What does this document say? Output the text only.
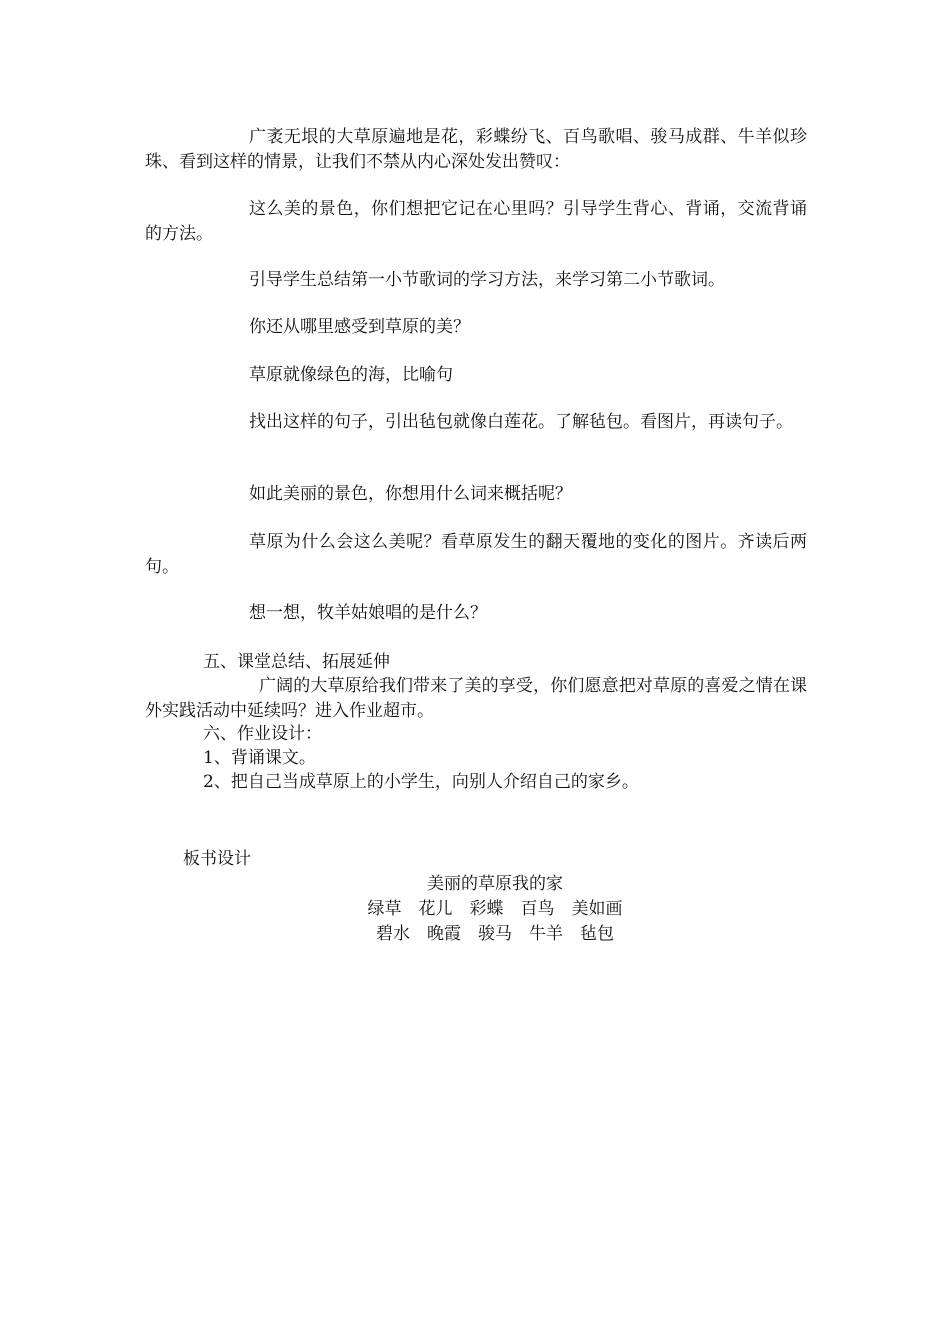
广袤无垠的大草原遍地是花，彩蝶纷飞、百鸟歌唱、骏马成群、牛羊似珍珠、看到这样的情景，让我们不禁从内心深处发出赞叹：

这么美的景色，你们想把它记在心里吗？引导学生背心、背诵，交流背诵的方法。

引导学生总结第一小节歌词的学习方法，来学习第二小节歌词。

你还从哪里感受到草原的美？

草原就像绿色的海，比喻句

找出这样的句子，引出毡包就像白莲花。了解毡包。看图片，再读句子。

如此美丽的景色，你想用什么词来概括呢？

草原为什么会这么美呢？看草原发生的翻天覆地的变化的图片。齐读后两句。

想一想，牧羊姑娘唱的是什么？

五、课堂总结、拓展延伸

广阔的大草原给我们带来了美的享受，你们愿意把对草原的喜爱之情在课外实践活动中延续吗？进入作业超市。

六、作业设计：

1、背诵课文。

2、把自己当成草原上的小学生，向别人介绍自己的家乡。

板书设计

美丽的草原我的家

绿草　花儿　彩蝶　百鸟　美如画

碧水　晚霞　骏马　牛羊　毡包
